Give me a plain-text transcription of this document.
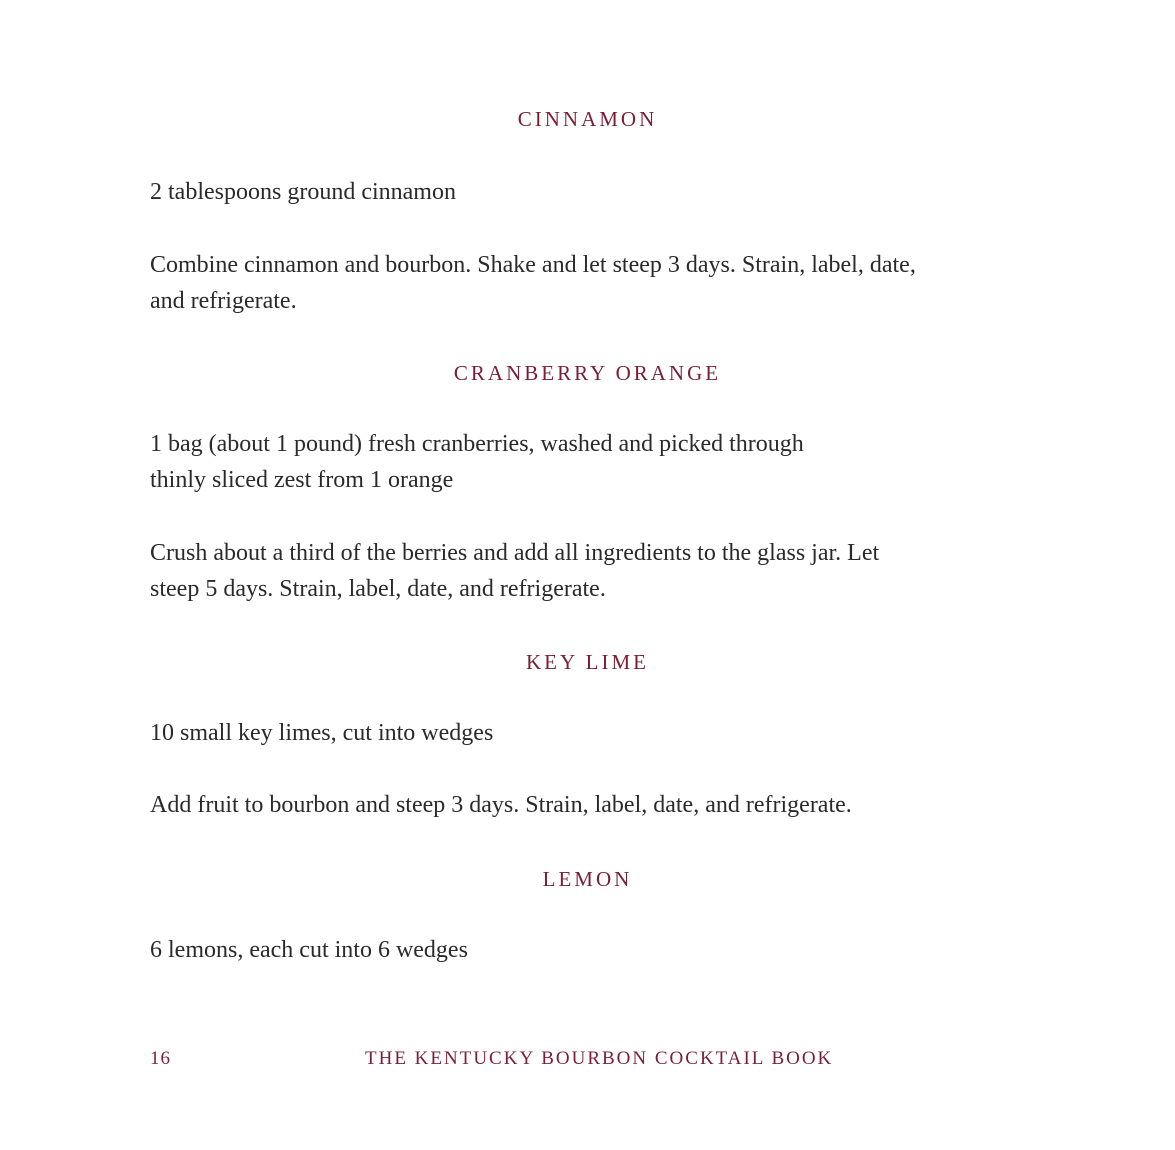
CINNAMON

2 tablespoons ground cinnamon

Combine cinnamon and bourbon. Shake and let steep 3 days. Strain, label, date,
and refrigerate.

CRANBERRY ORANGE

1 bag (about 1 pound) fresh cranberries, washed and picked through
thinly sliced zest from 1 orange

Crush about a third of the berries and add all ingredients to the glass jar. Let
steep 5 days. Strain, label, date, and refrigerate.

KEY LIME

10 small key limes, cut into wedges

Add fruit to bourbon and steep 3 days. Strain, label, date, and refrigerate.

LEMON

6 lemons, each cut into 6 wedges

16	THE KENTUCKY BOURBON COCKTAIL BOOK
